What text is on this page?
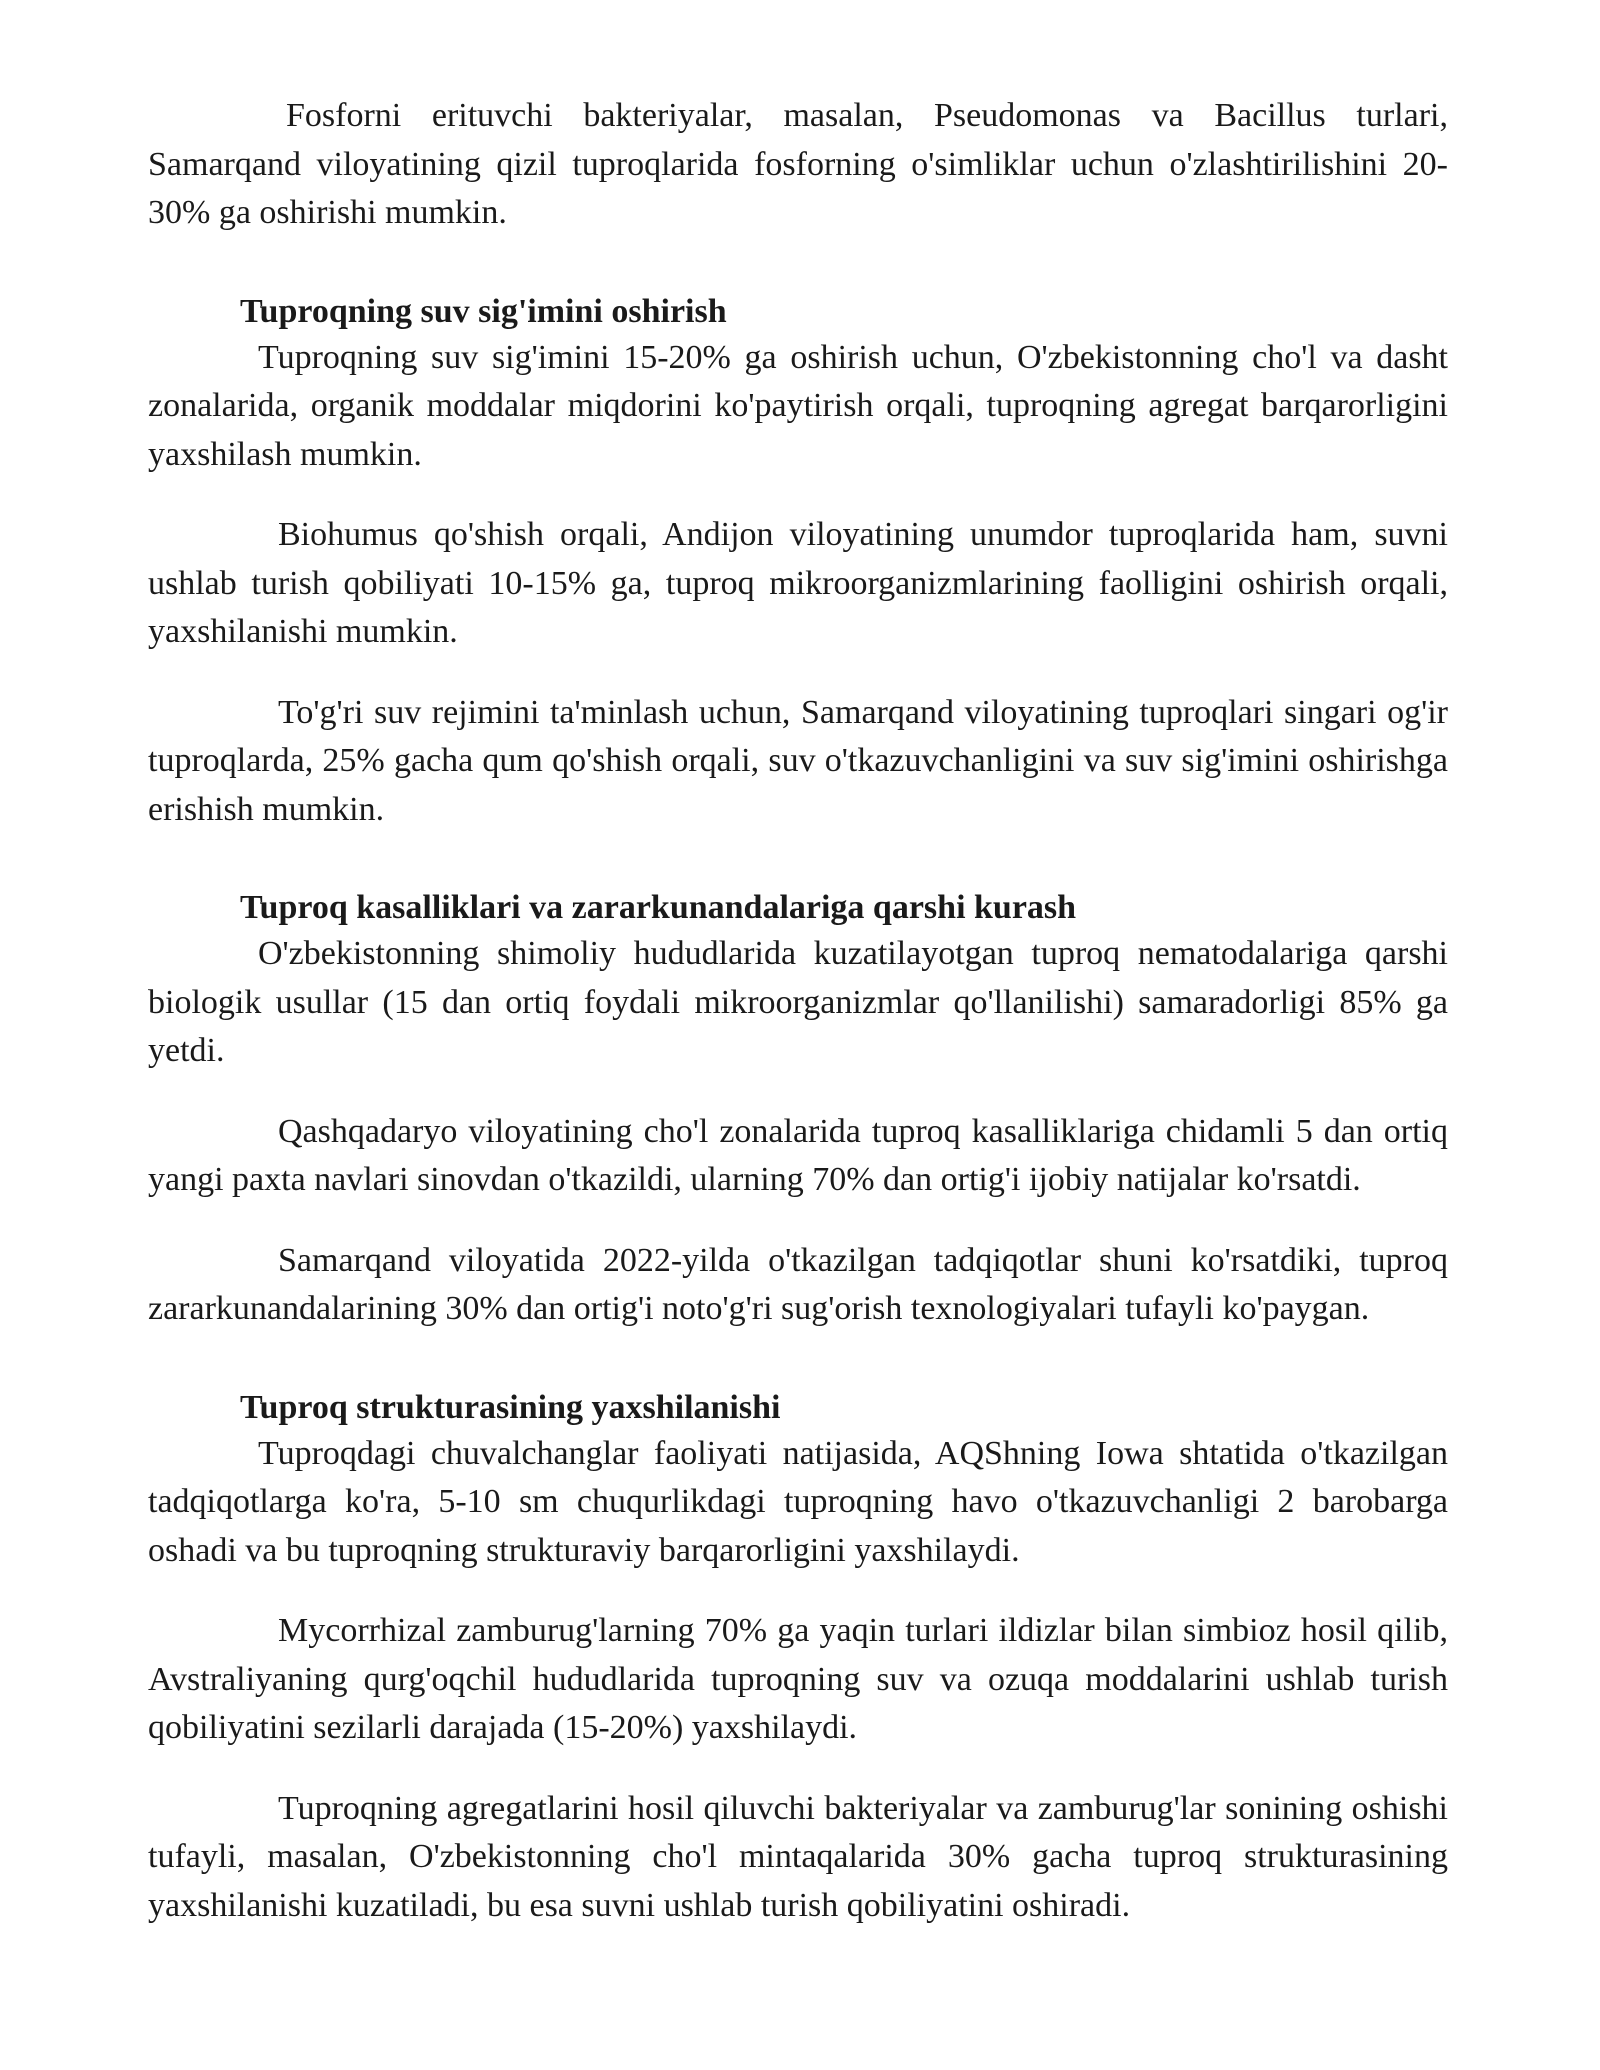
Fosforni erituvchi bakteriyalar, masalan, Pseudomonas va Bacillus turlari, Samarqand viloyatining qizil tuproqlarida fosforning o'simliklar uchun o'zlashtirilishini 20-30% ga oshirishi mumkin.

Tuproqning suv sig'imini oshirish

Tuproqning suv sig'imini 15-20% ga oshirish uchun, O'zbekistonning cho'l va dasht zonalarida, organik moddalar miqdorini ko'paytirish orqali, tuproqning agregat barqarorligini yaxshilash mumkin.

Biohumus qo'shish orqali, Andijon viloyatining unumdor tuproqlarida ham, suvni ushlab turish qobiliyati 10-15% ga, tuproq mikroorganizmlarining faolligini oshirish orqali, yaxshilanishi mumkin.

To'g'ri suv rejimini ta'minlash uchun, Samarqand viloyatining tuproqlari singari og'ir tuproqlarda, 25% gacha qum qo'shish orqali, suv o'tkazuvchanligini va suv sig'imini oshirishga erishish mumkin.

Tuproq kasalliklari va zararkunandalariga qarshi kurash

O'zbekistonning shimoliy hududlarida kuzatilayotgan tuproq nematodalariga qarshi biologik usullar (15 dan ortiq foydali mikroorganizmlar qo'llanilishi) samaradorligi 85% ga yetdi.

Qashqadaryo viloyatining cho'l zonalarida tuproq kasalliklariga chidamli 5 dan ortiq yangi paxta navlari sinovdan o'tkazildi, ularning 70% dan ortig'i ijobiy natijalar ko'rsatdi.

Samarqand viloyatida 2022-yilda o'tkazilgan tadqiqotlar shuni ko'rsatdiki, tuproq zararkunandalarining 30% dan ortig'i noto'g'ri sug'orish texnologiyalari tufayli ko'paygan.

Tuproq strukturasining yaxshilanishi

Tuproqdagi chuvalchanglar faoliyati natijasida, AQShning Iowa shtatida o'tkazilgan tadqiqotlarga ko'ra, 5-10 sm chuqurlikdagi tuproqning havo o'tkazuvchanligi 2 barobarga oshadi va bu tuproqning strukturaviy barqarorligini yaxshilaydi.

Mycorrhizal zamburug'larning 70% ga yaqin turlari ildizlar bilan simbioz hosil qilib, Avstraliyaning qurg'oqchil hududlarida tuproqning suv va ozuqa moddalarini ushlab turish qobiliyatini sezilarli darajada (15-20%) yaxshilaydi.

Tuproqning agregatlarini hosil qiluvchi bakteriyalar va zamburug'lar sonining oshishi tufayli, masalan, O'zbekistonning cho'l mintaqalarida 30% gacha tuproq strukturasining yaxshilanishi kuzatiladi, bu esa suvni ushlab turish qobiliyatini oshiradi.
